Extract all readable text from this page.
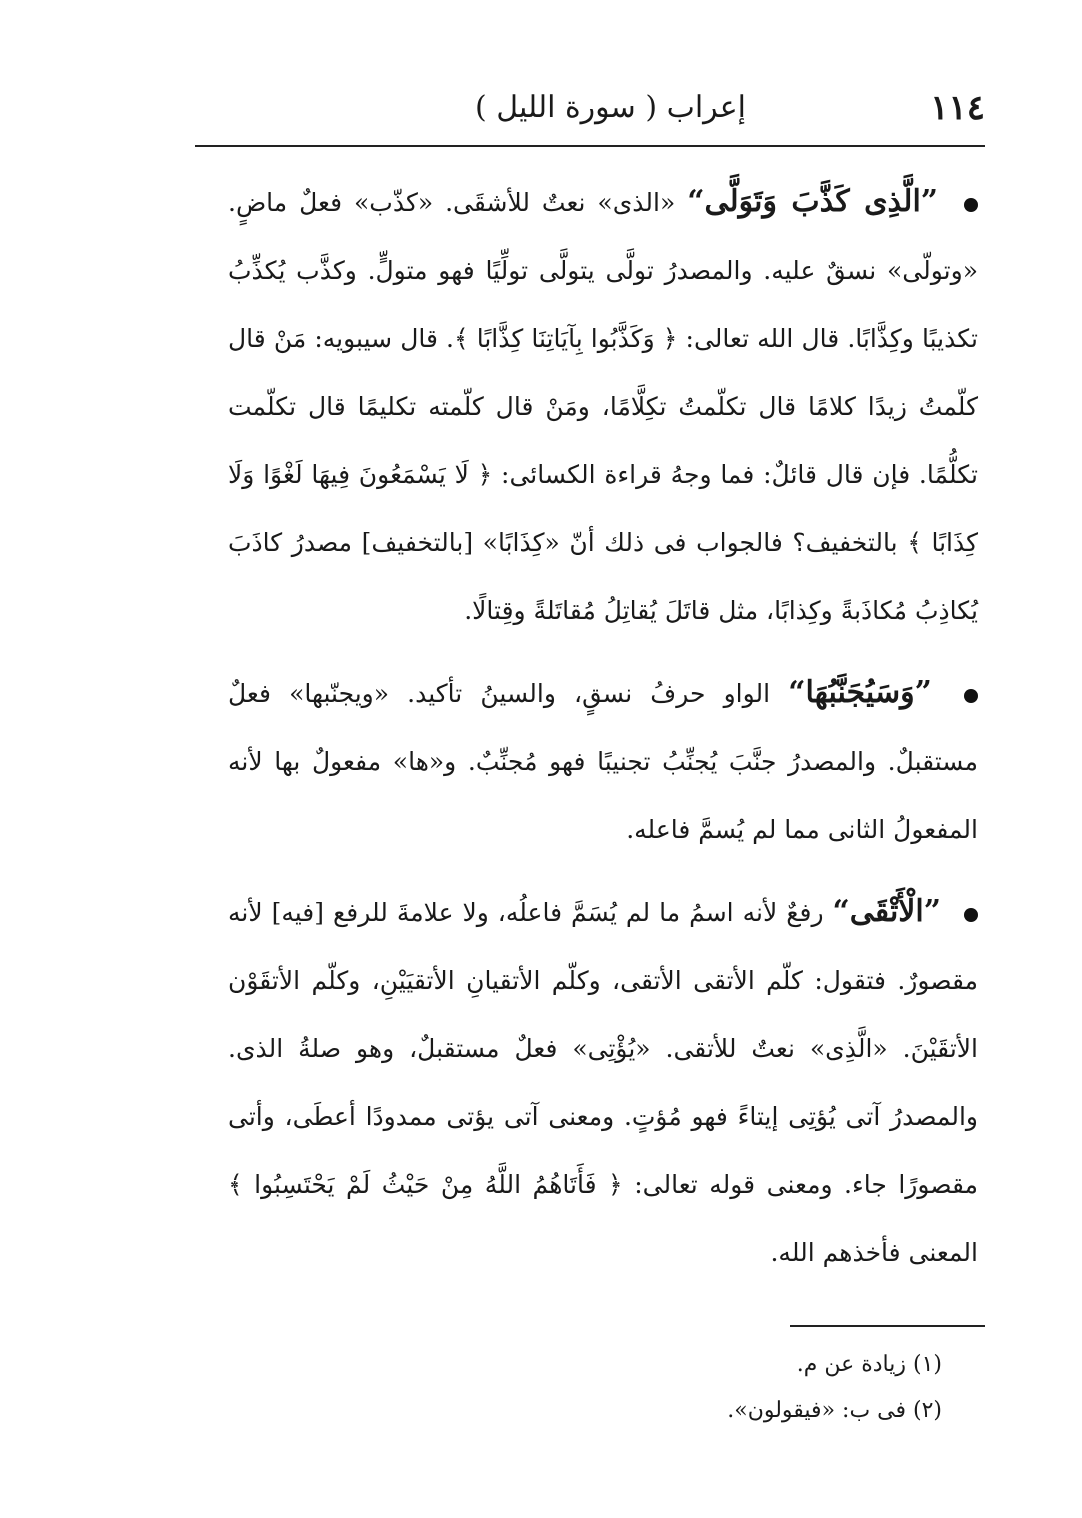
١١٤
إعراب ( سورة الليل )

”الَّذِى كَذَّبَ وَتَوَلَّى“ «الذى» نعتٌ للأشقَى. «كذّب» فعلٌ ماضٍ. «وتولّى» نسقٌ عليه. والمصدرُ تولَّى يتولَّى تولِّيًا فهو متولٍّ. وكذَّب يُكذِّبُ تكذيبًا وكِذَّابًا. قال الله تعالى: ﴿ وَكَذَّبُوا بِآيَاتِنَا كِذَّابًا ﴾. قال سيبويه: مَنْ قال كلّمتُ زيدًا كلامًا قال تكلّمتُ تكِلَّامًا، ومَنْ قال كلّمته تكليمًا قال تكلّمت تكلُّمًا. فإن قال قائلٌ: فما وجهُ قراءة الكسائى: ﴿ لَا يَسْمَعُونَ فِيهَا لَغْوًا وَلَا كِذَابًا ﴾ بالتخفيف؟ فالجواب فى ذلك أنّ «كِذَابًا» [بالتخفيف] مصدرُ كاذَبَ يُكاذِبُ مُكاذَبةً وكِذابًا، مثل قاتَلَ يُقاتِلُ مُقاتَلةً وقِتالًا.

”وَسَيُجَنَّبُهَا“ الواو حرفُ نسقٍ، والسينُ تأكيد. «ويجنّبها» فعلٌ مستقبلٌ. والمصدرُ جنَّبَ يُجنِّبُ تجنيبًا فهو مُجنِّبٌ. و«ها» مفعولٌ بها لأنه المفعولُ الثانى مما لم يُسمَّ فاعله.

”الْأَتْقَى“ رفعٌ لأنه اسمُ ما لم يُسَمَّ فاعلُه، ولا علامةَ للرفع [فيه] لأنه مقصورٌ. فتقول: كلّم الأتقى الأتقى، وكلّم الأتقيانِ الأتقيَيْنِ، وكلّم الأتقَوْن الأتقَيْنَ. «الَّذِى» نعتٌ للأتقى. «يُؤْتِى» فعلٌ مستقبلٌ، وهو صلةُ الذى. والمصدرُ آتى يُؤتِى إيتاءً فهو مُؤتٍ. ومعنى آتى يؤتى ممدودًا أعطَى، وأتى مقصورًا جاء. ومعنى قوله تعالى: ﴿ فَأَتَاهُمُ اللَّهُ مِنْ حَيْثُ لَمْ يَحْتَسِبُوا ﴾ المعنى فأخذهم الله.

(١) زيادة عن م.

(٢) فى ب: «فيقولون».
